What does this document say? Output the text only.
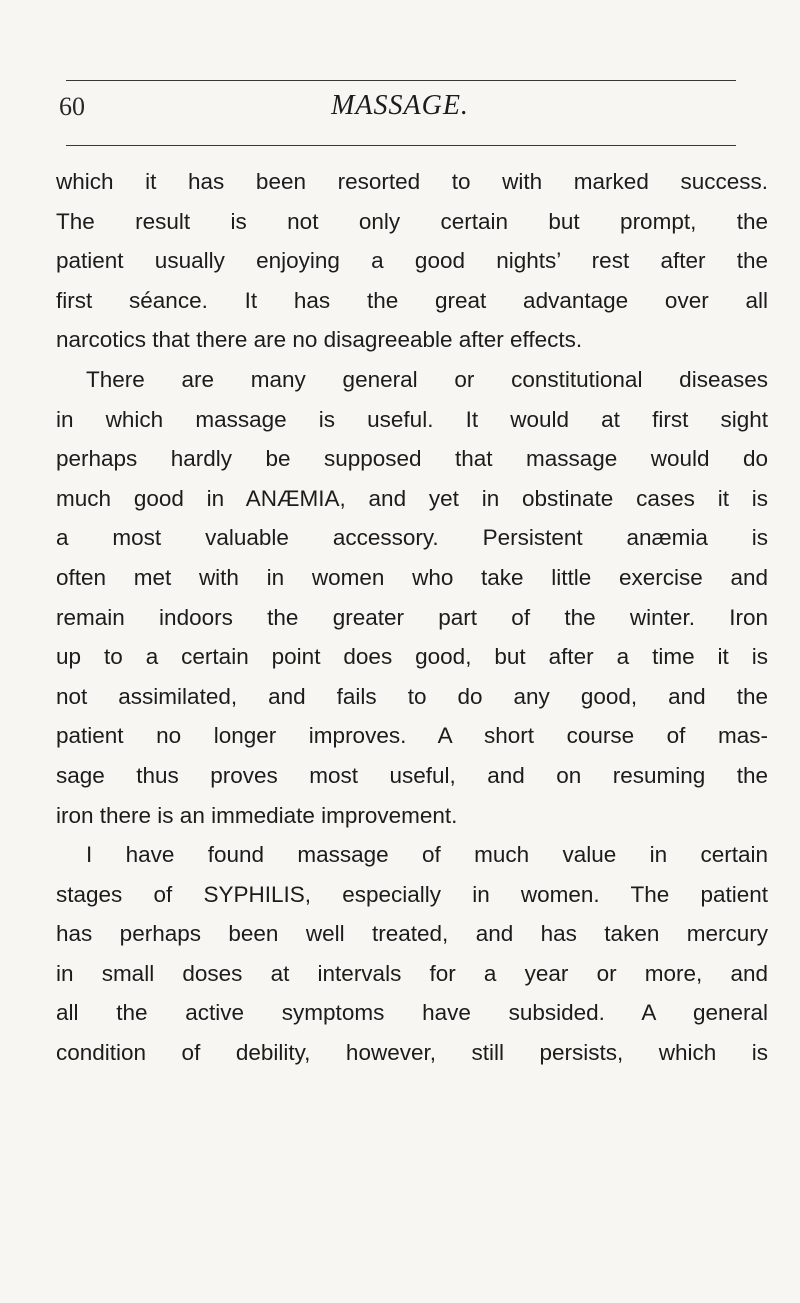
60	MASSAGE.
which it has been resorted to with marked success.
The result is not only certain but prompt, the
patient usually enjoying a good nights’ rest after the
first séance. It has the great advantage over all
narcotics that there are no disagreeable after effects.
There are many general or constitutional diseases
in which massage is useful. It would at first sight
perhaps hardly be supposed that massage would do
much good in ANÆMIA, and yet in obstinate cases it is
a most valuable accessory. Persistent anæmia is
often met with in women who take little exercise and
remain indoors the greater part of the winter. Iron
up to a certain point does good, but after a time it is
not assimilated, and fails to do any good, and the
patient no longer improves. A short course of mas-
sage thus proves most useful, and on resuming the
iron there is an immediate improvement.
I have found massage of much value in certain
stages of SYPHILIS, especially in women. The patient
has perhaps been well treated, and has taken mercury
in small doses at intervals for a year or more, and
all the active symptoms have subsided. A general
condition of debility, however, still persists, which is
